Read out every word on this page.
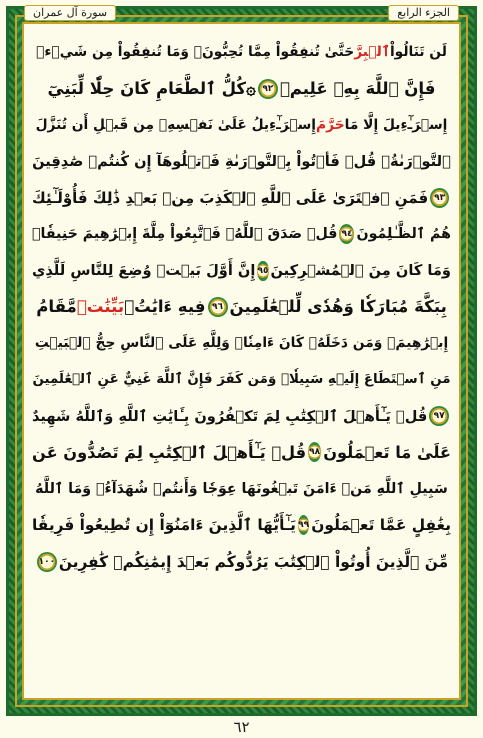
سورة آل عمران	الجزء الرابع
لَن تَنَالُواْ
ٱلۡبِرَّ
حَتَّىٰ تُنفِقُواْ مِمَّا تُحِبُّونَۚ وَمَا تُنفِقُواْ مِن شَيۡءٖ
فَإِنَّ ٱللَّهَ بِهِۦ عَلِيمٞ
٩٢
۞كُلُّ ٱلطَّعَامِ كَانَ حِلّٗا لِّبَنِيٓ
إِسۡرَـٰٓءِيلَ إِلَّا مَا
حَرَّمَ
إِسۡرَـٰٓءِيلُ عَلَىٰ نَفۡسِهِۦ مِن قَبۡلِ أَن تُنَزَّلَ
ٱلتَّوۡرَىٰةُۚ قُلۡ فَأۡتُواْ بِٱلتَّوۡرَىٰةِ فَٱتۡلُوهَآ إِن كُنتُمۡ صَٰدِقِينَ
٩٣
فَمَنِ ٱفۡتَرَىٰ عَلَى ٱللَّهِ ٱلۡكَذِبَ مِنۢ بَعۡدِ ذَٰلِكَ فَأُوْلَـٰٓئِكَ
هُمُ ٱلظَّـٰلِمُونَ
٩٤
قُلۡ صَدَقَ ٱللَّهُۗ فَٱتَّبِعُواْ مِلَّةَ إِبۡرَٰهِيمَ حَنِيفٗاۖ
وَمَا كَانَ مِنَ ٱلۡمُشۡرِكِينَ
٩٥
إِنَّ أَوَّلَ بَيۡتٖ وُضِعَ لِلنَّاسِ لَلَّذِي
بِبَكَّةَ مُبَارَكٗا وَهُدٗى لِّلۡعَٰلَمِينَ
٩٦
فِيهِ ءَايَٰتُۢ
بَيِّنَٰتٞ
مَّقَامُ
إِبۡرَٰهِيمَۖ وَمَن دَخَلَهُۥ كَانَ ءَامِنٗاۗ وَلِلَّهِ عَلَى ٱلنَّاسِ حِجُّ ٱلۡبَيۡتِ
مَنِ ٱسۡتَطَاعَ إِلَيۡهِ سَبِيلٗاۚ وَمَن كَفَرَ فَإِنَّ ٱللَّهَ غَنِيٌّ عَنِ ٱلۡعَٰلَمِينَ
٩٧
قُلۡ يَـٰٓأَهۡلَ ٱلۡكِتَٰبِ لِمَ تَكۡفُرُونَ بِـَٔايَٰتِ ٱللَّهِ وَٱللَّهُ شَهِيدٌ
عَلَىٰ مَا تَعۡمَلُونَ
٩٨
قُلۡ يَـٰٓأَهۡلَ ٱلۡكِتَٰبِ لِمَ تَصُدُّونَ عَن
سَبِيلِ ٱللَّهِ مَنۡ ءَامَنَ تَبۡغُونَهَا عِوَجٗا وَأَنتُمۡ شُهَدَآءُۗ وَمَا ٱللَّهُ
بِغَٰفِلٍ عَمَّا تَعۡمَلُونَ
٩٩
يَـٰٓأَيُّهَا ٱلَّذِينَ ءَامَنُوٓاْ إِن تُطِيعُواْ فَرِيقٗا
مِّنَ ٱلَّذِينَ أُوتُواْ ٱلۡكِتَٰبَ يَرُدُّوكُم بَعۡدَ إِيمَٰنِكُمۡ كَٰفِرِينَ
١٠٠
٦٢
